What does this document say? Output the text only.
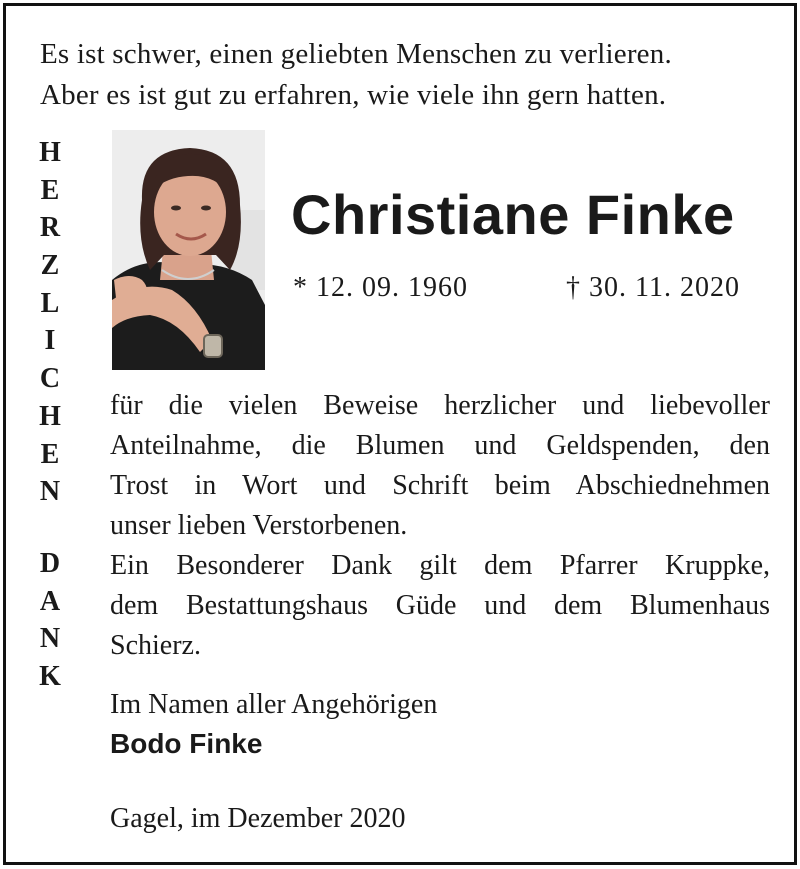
Es ist schwer, einen geliebten Menschen zu verlieren.
Aber es ist gut zu erfahren, wie viele ihn gern hatten.
H
E
R
Z
L
I
C
H
E
N
D
A
N
K
Christiane Finke
* 12. 09. 1960	† 30. 11. 2020
für die vielen Beweise herzlicher und liebevoller
Anteilnahme, die Blumen und Geldspenden, den
Trost in Wort und Schrift beim Abschiednehmen
unser lieben Verstorbenen.
Ein Besonderer Dank gilt dem Pfarrer Kruppke,
dem Bestattungshaus Güde und dem Blumenhaus
Schierz.
Im Namen aller Angehörigen
Bodo Finke
Gagel, im Dezember 2020
